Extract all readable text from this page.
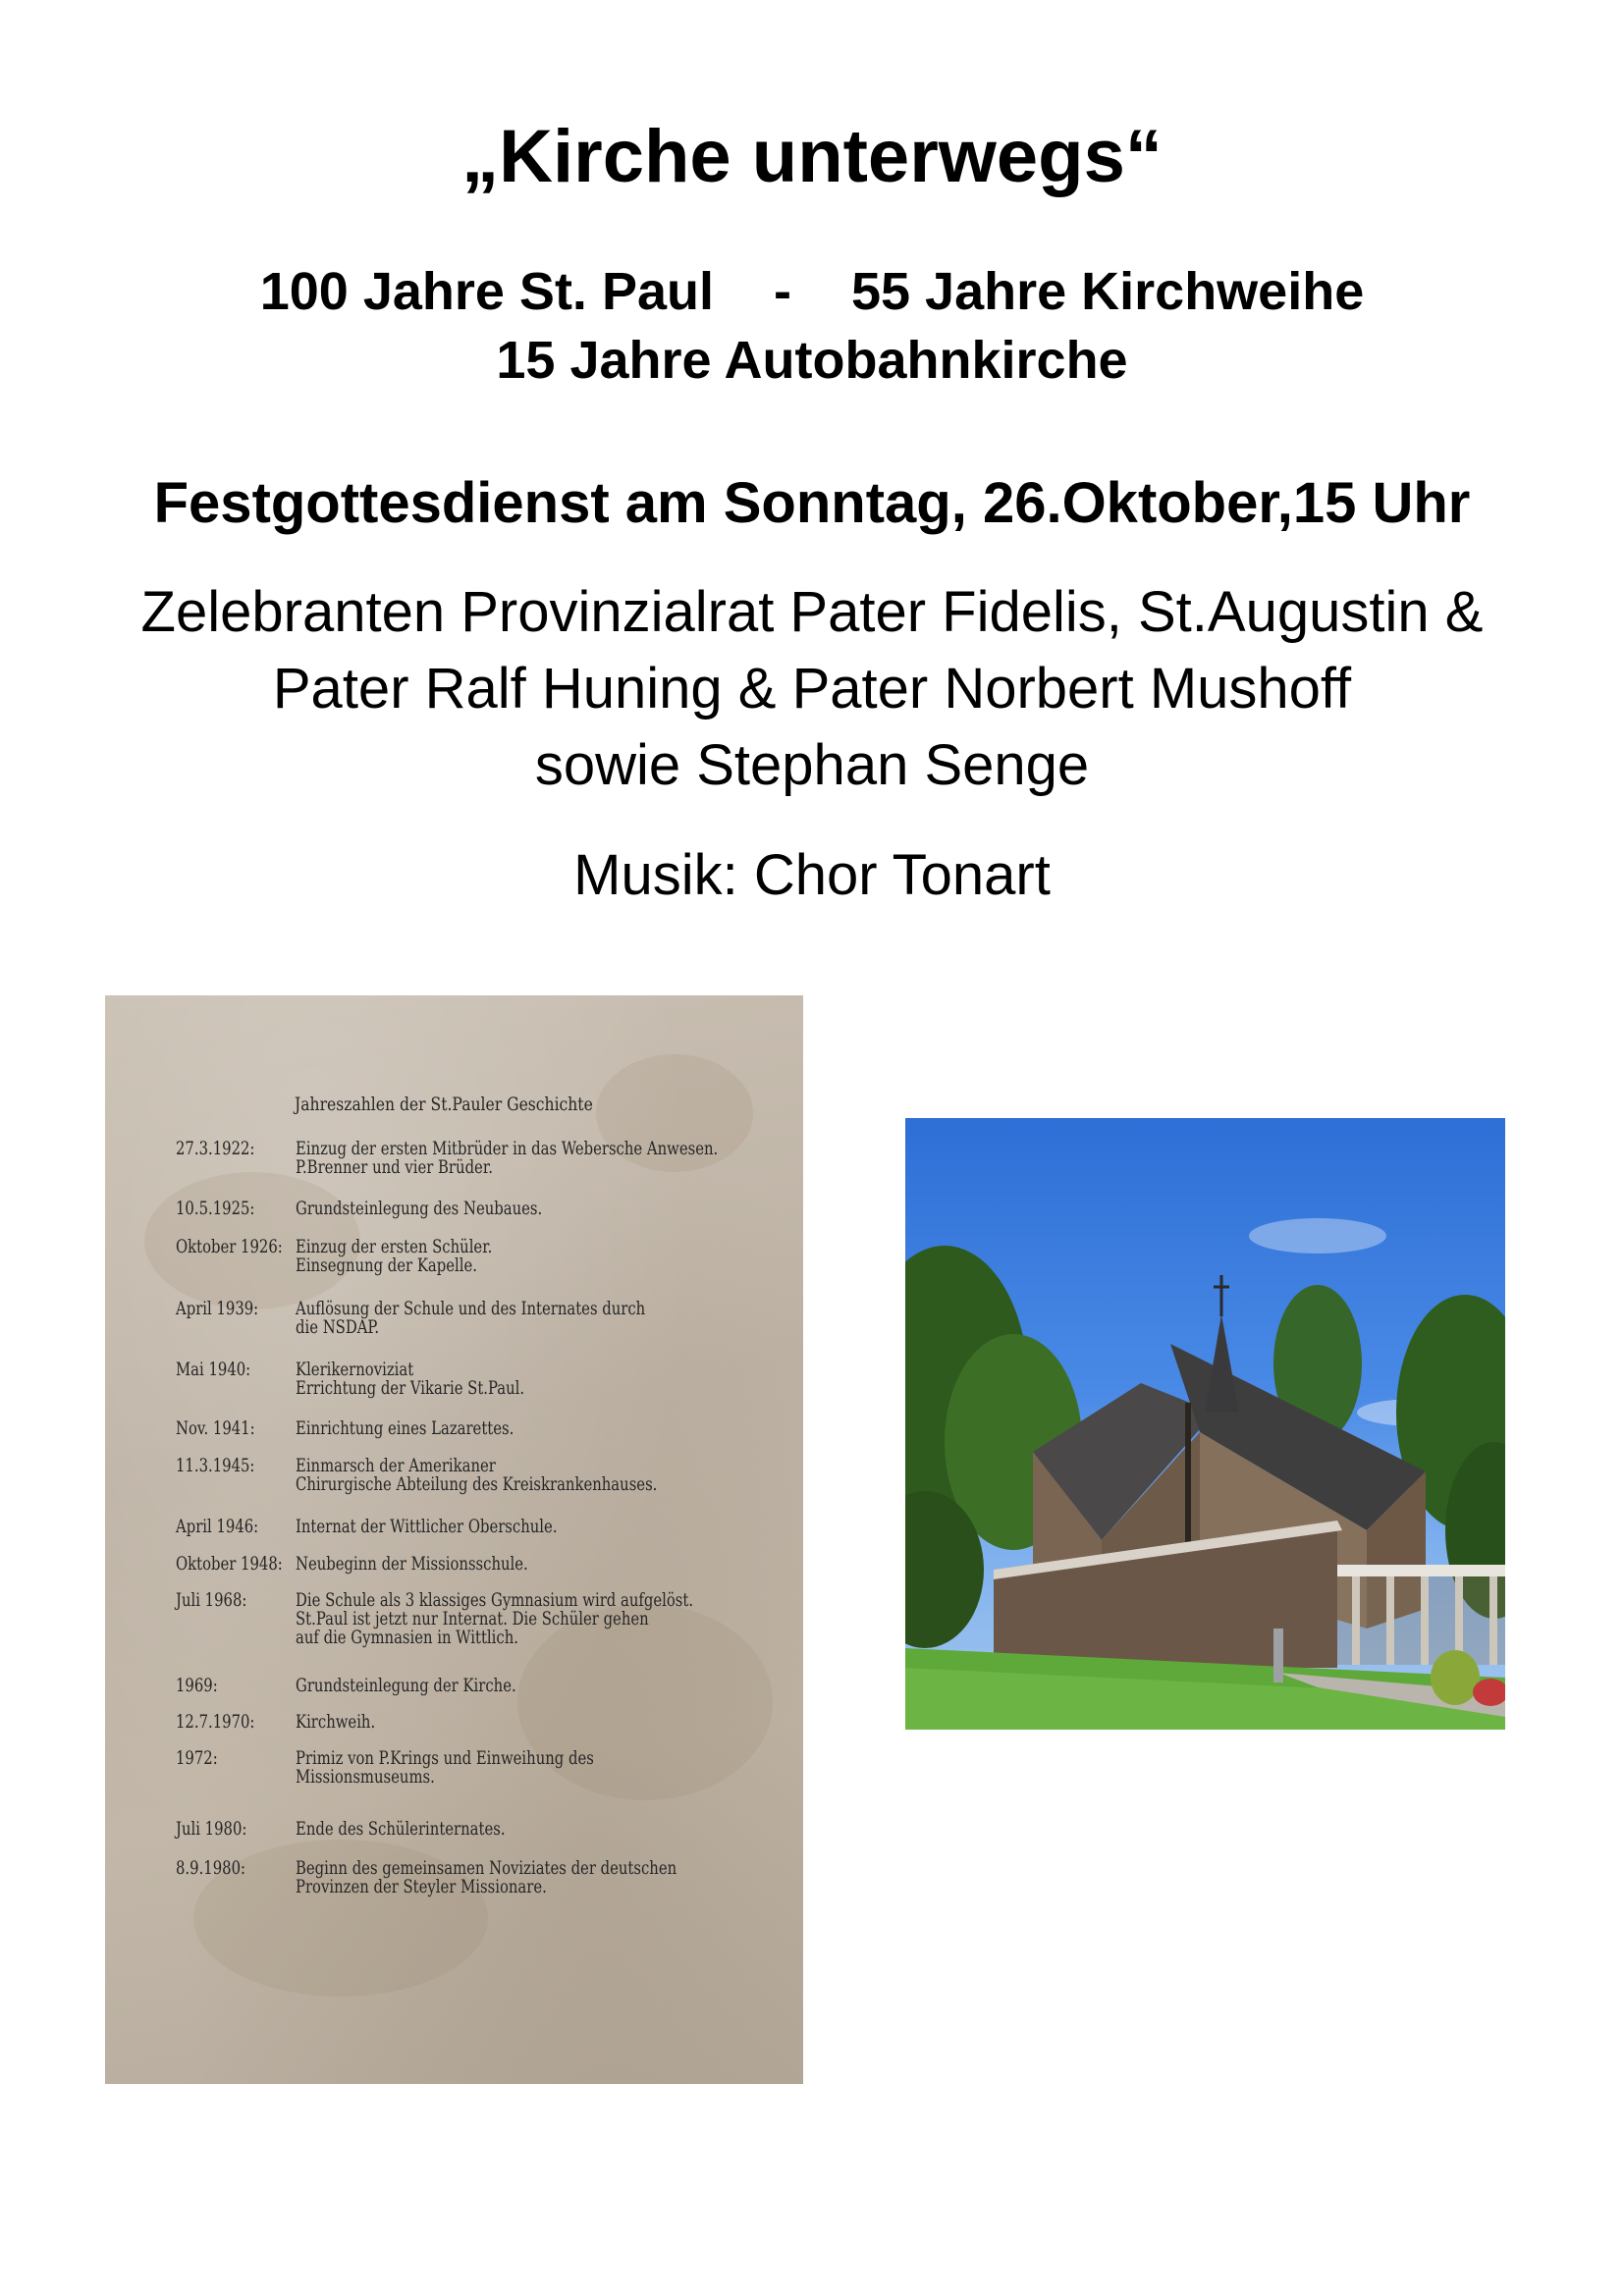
„Kirche unterwegs“
100 Jahre St. Paul - 55 Jahre Kirchweihe
15 Jahre Autobahnkirche
Festgottesdienst am Sonntag, 26.Oktober,15 Uhr
Zelebranten Provinzialrat Pater Fidelis, St.Augustin &
Pater Ralf Huning & Pater Norbert Mushoff
sowie Stephan Senge
Musik: Chor Tonart
Jahreszahlen der St.Pauler Geschichte
27.3.1922: Einzug der ersten Mitbrüder in das Webersche Anwesen.
P.Brenner und vier Brüder.
10.5.1925: Grundsteinlegung des Neubaues.
Oktober 1926: Einzug der ersten Schüler.
Einsegnung der Kapelle.
April 1939: Auflösung der Schule und des Internates durch
die NSDAP.
Mai 1940: Klerikernoviziat
Errichtung der Vikarie St.Paul.
Nov. 1941: Einrichtung eines Lazarettes.
11.3.1945: Einmarsch der Amerikaner
Chirurgische Abteilung des Kreiskrankenhauses.
April 1946: Internat der Wittlicher Oberschule.
Oktober 1948: Neubeginn der Missionsschule.
Juli 1968:	Die Schule als 3 klassiges Gymnasium wird aufgelöst.
St.Paul ist jetzt nur Internat. Die Schüler gehen
auf die Gymnasien in Wittlich.
1969:	Grundsteinlegung der Kirche.
12.7.1970: Kirchweih.
1972:	Primiz von P.Krings und Einweihung des
Missionsmuseums.
Juli 1980:	Ende des Schülerinternates.
8.9.1980:	Beginn des gemeinsamen Noviziates der deutschen
Provinzen der Steyler Missionare.
